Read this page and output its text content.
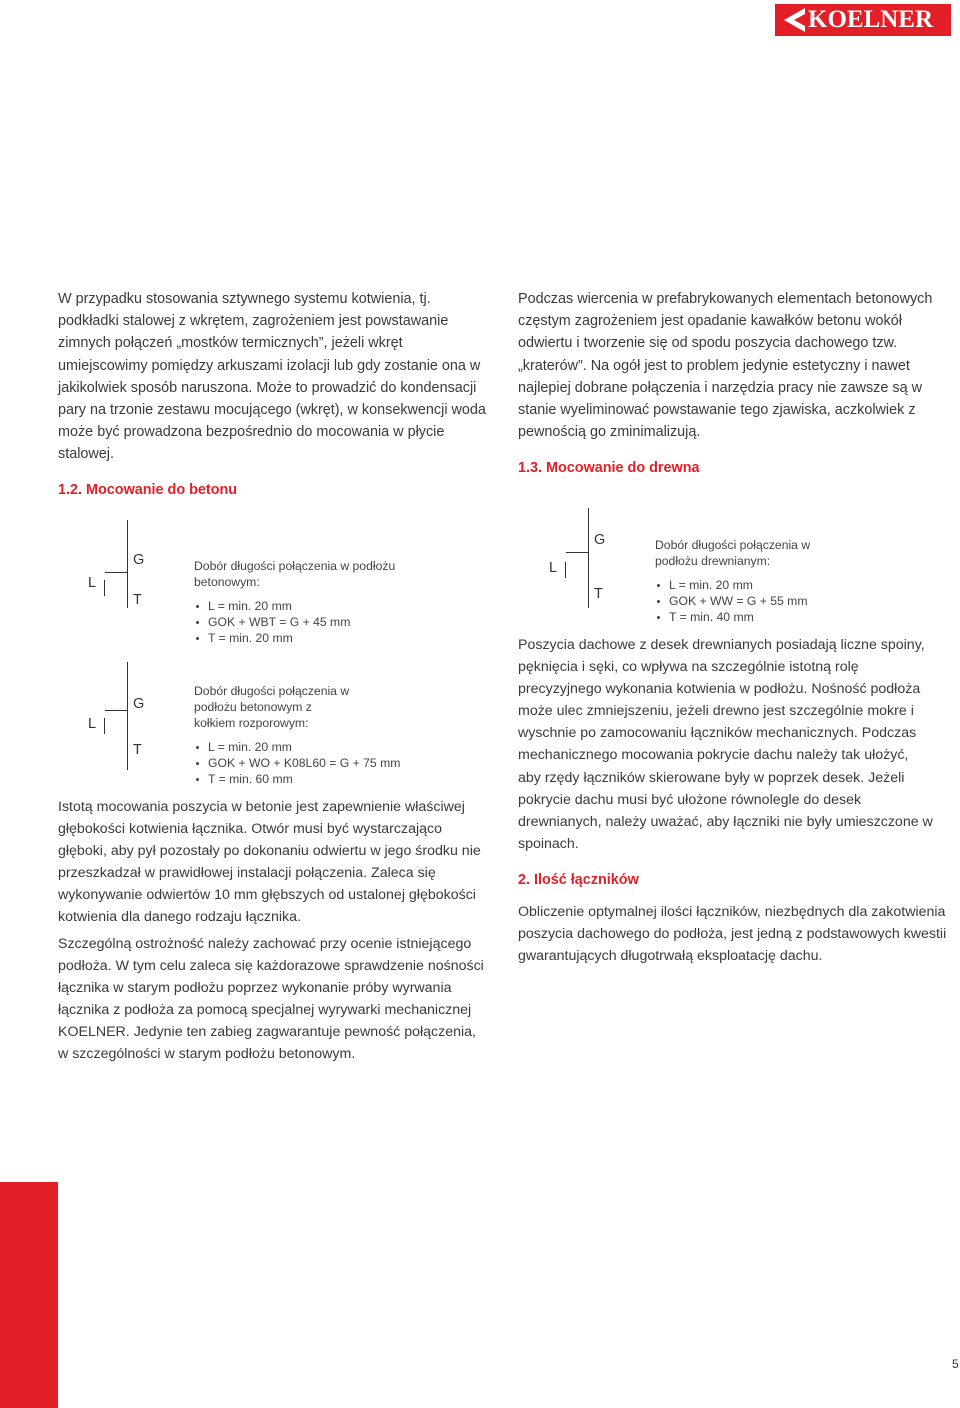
KOELNER

W przypadku stosowania sztywnego systemu kotwienia, tj. podkładki stalowej z wkrętem, zagrożeniem jest powstawanie zimnych połączeń „mostków termicznych”, jeżeli wkręt umiejscowimy pomiędzy arkuszami izolacji lub gdy zostanie ona w jakikolwiek sposób naruszona. Może to prowadzić do kondensacji pary na trzonie zestawu mocującego (wkręt), w konsekwencji woda może być prowadzona bezpośrednio do mocowania w płycie stalowej.

1.2. Mocowanie do betonu
L
G
T
Dobór długości połączenia w podłożu betonowym:
L = min. 20 mm
GOK + WBT = G + 45 mm
T = min. 20 mm
L
G
T
Dobór długości połączenia w podłożu betonowym z kołkiem rozporowym:
L = min. 20 mm
GOK + WO + K08L60 = G + 75 mm
T = min. 60 mm

Istotą mocowania poszycia w betonie jest zapewnienie właściwej głębokości kotwienia łącznika. Otwór musi być wystarczająco głęboki, aby pył pozostały po dokonaniu odwiertu w jego środku nie przeszkadzał w prawidłowej instalacji połączenia. Zaleca się wykonywanie odwiertów 10 mm głębszych od ustalonej głębokości kotwienia dla danego rodzaju łącznika.

Szczególną ostrożność należy zachować przy ocenie istniejącego podłoża. W tym celu zaleca się każdorazowe sprawdzenie nośności łącznika w starym podłożu poprzez wykonanie próby wyrwania łącznika z podłoża za pomocą specjalnej wyrywarki mechanicznej KOELNER. Jedynie ten zabieg zagwarantuje pewność połączenia, w szczególności w starym podłożu betonowym.

Podczas wiercenia w prefabrykowanych elementach betonowych częstym zagrożeniem jest opadanie kawałków betonu wokół odwiertu i tworzenie się od spodu poszycia dachowego tzw. „kraterów”. Na ogół jest to problem jedynie estetyczny i nawet najlepiej dobrane połączenia i narzędzia pracy nie zawsze są w stanie wyeliminować powstawanie tego zjawiska, aczkolwiek z pewnością go zminimalizują.

1.3. Mocowanie do drewna
L
G
T
Dobór długości połączenia w podłożu drewnianym:
L = min. 20 mm
GOK + WW = G + 55 mm
T = min. 40 mm

Poszycia dachowe z desek drewnianych posiadają liczne spoiny, pęknięcia i sęki, co wpływa na szczególnie istotną rolę precyzyjnego wykonania kotwienia w podłożu. Nośność podłoża może ulec zmniejszeniu, jeżeli drewno jest szczególnie mokre i wyschnie po zamocowaniu łączników mechanicznych. Podczas mechanicznego mocowania pokrycie dachu należy tak ułożyć, aby rzędy łączników skierowane były w poprzek desek. Jeżeli pokrycie dachu musi być ułożone równolegle do desek drewnianych, należy uważać, aby łączniki nie były umieszczone w spoinach.

2. Ilość łączników

Obliczenie optymalnej ilości łączników, niezbędnych dla zakotwienia poszycia dachowego do podłoża, jest jedną z podstawowych kwestii gwarantujących długotrwałą eksploatację dachu.

5
